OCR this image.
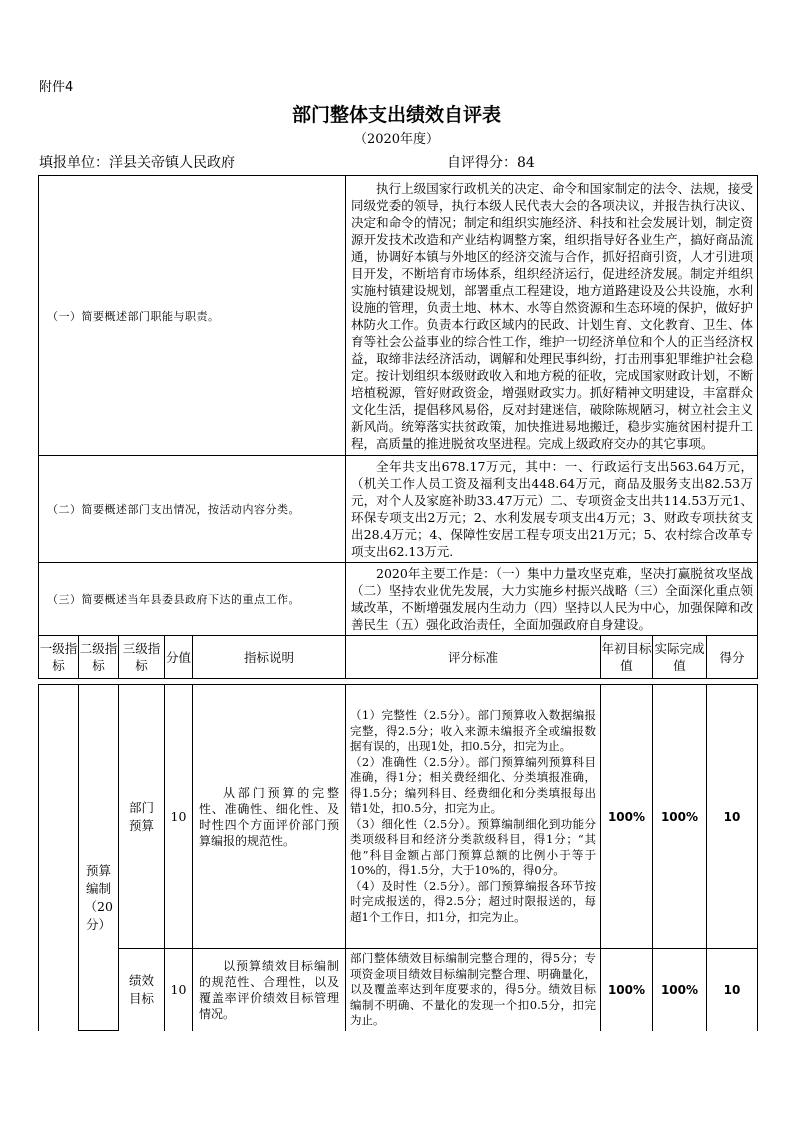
附件4
部门整体支出绩效自评表
（2020年度）
填报单位：洋县关帝镇人民政府	自评得分：84
（一）简要概述部门职能与职责。					执行上级国家行政机关的决定、命令和国家制定的法令、法规，接受同级党委的领导，执行本级人民代表大会的各项决议，并报告执行决议、决定和命令的情况；制定和组织实施经济、科技和社会发展计划，制定资源开发技术改造和产业结构调整方案，组织指导好各业生产，搞好商品流通，协调好本镇与外地区的经济交流与合作，抓好招商引资，人才引进项目开发，不断培育市场体系，组织经济运行，促进经济发展。制定并组织实施村镇建设规划，部署重点工程建设，地方道路建设及公共设施，水利设施的管理，负责土地、林木、水等自然资源和生态环境的保护，做好护林防火工作。负责本行政区域内的民政、计划生育、文化教育、卫生、体育等社会公益事业的综合性工作，维护一切经济单位和个人的正当经济权益，取缔非法经济活动，调解和处理民事纠纷，打击刑事犯罪维护社会稳定。按计划组织本级财政收入和地方税的征收，完成国家财政计划，不断培植税源，管好财政资金，增强财政实力。抓好精神文明建设，丰富群众文化生活，提倡移风易俗，反对封建迷信，破除陈规陋习，树立社会主义新风尚。统筹落实扶贫政策，加快推进易地搬迁，稳步实施贫困村提升工程，高质量的推进脱贫攻坚进程。完成上级政府交办的其它事项。			
（二）简要概述部门支出情况，按活动内容分类。					全年共支出678.17万元，其中：一、行政运行支出563.64万元，（机关工作人员工资及福利支出448.64万元，商品及服务支出82.53万元，对个人及家庭补助33.47万元）二、专项资金支出共114.53万元1、环保专项支出2万元；2、水利发展专项支出4万元；3、财政专项扶贫支出28.4万元；4、保障性安居工程专项支出21万元；5、农村综合改革专项支出62.13万元.			
（三）简要概述当年县委县政府下达的重点工作。					2020年主要工作是：（一）集中力量攻坚克难，坚决打赢脱贫攻坚战（二）坚持农业优先发展，大力实施乡村振兴战略（三）全面深化重点领域改革，不断增强发展内生动力（四）坚持以人民为中心，加强保障和改善民生（五）强化政治责任，全面加强政府自身建设。			
一级指标	二级指标	三级指标	分值	指标说明	评分标准	年初目标值	实际完成值	得分

	预算编制（20分）	部门预算	10	从部门预算的完整性、准确性、细化性、及时性四个方面评价部门预算编报的规范性。	（1）完整性（2.5分）。部门预算收入数据编报完整，得2.5分；收入来源未编报齐全或编报数据有误的，出现1处，扣0.5分，扣完为止。
（2）准确性（2.5分）。部门预算编列预算科目准确，得1分；相关费经细化、分类填报准确，得1.5分；编列科目、经费细化和分类填报每出错1处，扣0.5分，扣完为止。
（3）细化性（2.5分）。预算编制细化到功能分类项级科目和经济分类款级科目，得1分；“其他”科目金额占部门预算总额的比例小于等于10%的，得1.5分，大于10%的，得0分。
（4）及时性（2.5分）。部门预算编报各环节按时完成报送的，得2.5分；超过时限报送的，每超1个工作日，扣1分，扣完为止。	100%	100%	10
		绩效目标	10	以预算绩效目标编制的规范性、合理性，以及覆盖率评价绩效目标管理情况。	部门整体绩效目标编制完整合理的，得5分；专项资金项目绩效目标编制完整合理、明确量化，以及覆盖率达到年度要求的，得5分。绩效目标编制不明确、不量化的发现一个扣0.5分，扣完为止。	100%	100%	10
